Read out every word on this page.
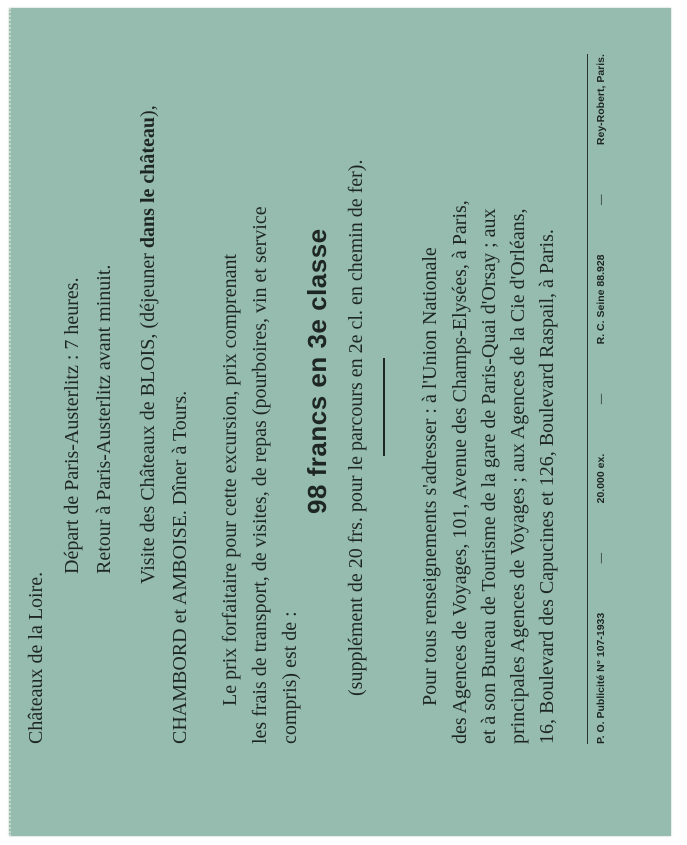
Châteaux de la Loire.
Départ de Paris-Austerlitz : 7 heures. Retour à Paris-Austerlitz avant minuit. Visite des Châteaux de BLOIS, (déjeuner dans le château),
CHAMBORD et AMBOISE. Dîner à Tours. Le prix forfaitaire pour cette excursion, prix comprenant les frais de transport, de visites, de repas (pourboires, vin et service compris) est de :
98 francs en 3e classe (supplément de 20 frs. pour le parcours en 2e cl. en chemin de fer).	Pour tous renseignements s'adresser : à l'Union Nationale des Agences de Voyages, 101, Avenue des Champs-Elysées, à Paris, et à son Bureau de Tourisme de la gare de Paris-Quai d'Orsay ; aux principales Agences de Voyages ; aux Agences de la Cie d'Orléans, 16, Boulevard des Capucines et 126, Boulevard Raspail, à Paris.	P. O. Publicité N° 107-1933
—
20.000 ex.
—
R. C. Seine 88.928
—
Rey-Robert, Paris.
